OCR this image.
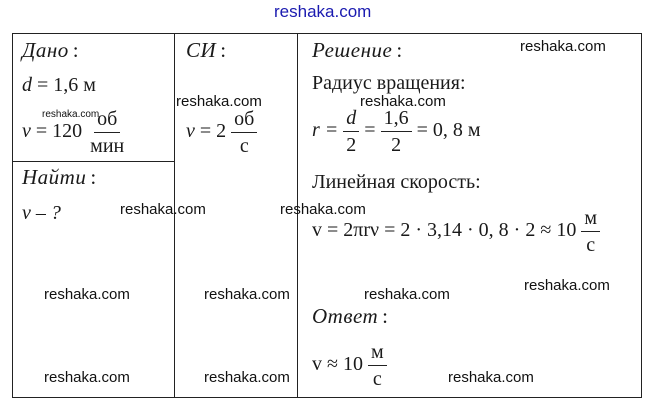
reshaka.com
Дано :
d = 1,6 м
$\nu = 120 \frac{об}{\text{мин}}$
Найти :
v – ?
СИ :
$\nu = 2 \frac{об}{с}$
Решение :
Радиус вращения:
$r = \frac{d}{2} = \frac{1,6}{2} = 0$, 8 м
Линейная скорость:
v = 2πrν = 2 · 3,14 · 0, $8 \cdot 2 \approx 10 \frac{м}{с}$
Ответ :
$v \approx 10 \frac{м}{с}$
reshaka.com
reshaka.com
reshaka.com	reshaka.com
reshaka.com	reshaka.com
reshaka.com	reshaka.com	reshaka.com
reshaka.com
reshaka.com	reshaka.com	reshaka.com
